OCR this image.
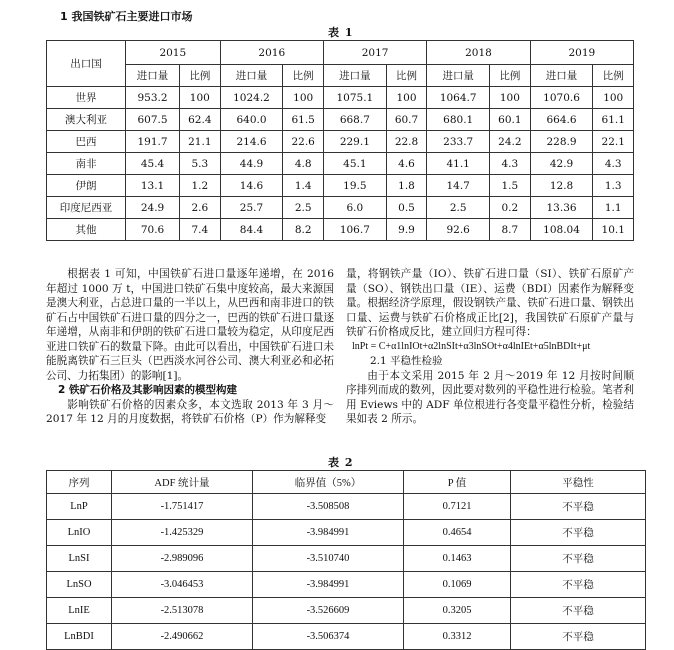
1 我国铁矿石主要进口市场
表 1
出口国	2015		2016		2017		2018		2019	
	进口量	比例	进口量	比例	进口量	比例	进口量	比例	进口量	比例
世界	953.2	100	1024.2	100	1075.1	100	1064.7	100	1070.6	100
澳大利亚	607.5	62.4	640.0	61.5	668.7	60.7	680.1	60.1	664.6	61.1
巴西	191.7	21.1	214.6	22.6	229.1	22.8	233.7	24.2	228.9	22.1
南非	45.4	5.3	44.9	4.8	45.1	4.6	41.1	4.3	42.9	4.3
伊朗	13.1	1.2	14.6	1.4	19.5	1.8	14.7	1.5	12.8	1.3
印度尼西亚	24.9	2.6	25.7	2.5	6.0	0.5	2.5	0.2	13.36	1.1
其他	70.6	7.4	84.4	8.2	106.7	9.9	92.6	8.7	108.04	10.1

根据表 1 可知，中国铁矿石进口量逐年递增，在 2016 年超过 1000 万 t，中国进口铁矿石集中度较高，最大来源国是澳大利亚，占总进口量的一半以上，从巴西和南非进口的铁矿石占中国铁矿石进口量的四分之一，巴西的铁矿石进口量逐年递增，从南非和伊朗的铁矿石进口量较为稳定，从印度尼西亚进口铁矿石的数量下降。由此可以看出，中国铁矿石进口未能脱离铁矿石三巨头（巴西淡水河谷公司、澳大利亚必和必拓公司、力拓集团）的影响[1]。

2 铁矿石价格及其影响因素的模型构建

影响铁矿石价格的因素众多，本文选取 2013 年 3 月～2017 年 12 月的月度数据，将铁矿石价格（P）作为解释变

量，将钢铁产量（IO）、铁矿石进口量（SI）、铁矿石原矿产量（SO）、钢铁出口量（IE）、运费（BDI）因素作为解释变量。根据经济学原理，假设钢铁产量、铁矿石进口量、钢铁出口量、运费与铁矿石价格成正比[2]，我国铁矿石原矿产量与铁矿石价格成反比，建立回归方程可得：

lnPt = C+α1lnIOt+α2lnSIt+α3lnSOt+α4lnIEt+α5lnBDIt+μt

2.1 平稳性检验

由于本文采用 2015 年 2 月～2019 年 12 月按时间顺序排列而成的数列，因此要对数列的平稳性进行检验。笔者利用 Eviews 中的 ADF 单位根进行各变量平稳性分析，检验结果如表 2 所示。

表 2
序列	ADF 统计量	临界值（5%）	P 值	平稳性
LnP	-1.751417	-3.508508	0.7121	不平稳
LnIO	-1.425329	-3.984991	0.4654	不平稳
LnSI	-2.989096	-3.510740	0.1463	不平稳
LnSO	-3.046453	-3.984991	0.1069	不平稳
LnIE	-2.513078	-3.526609	0.3205	不平稳
LnBDI	-2.490662	-3.506374	0.3312	不平稳
